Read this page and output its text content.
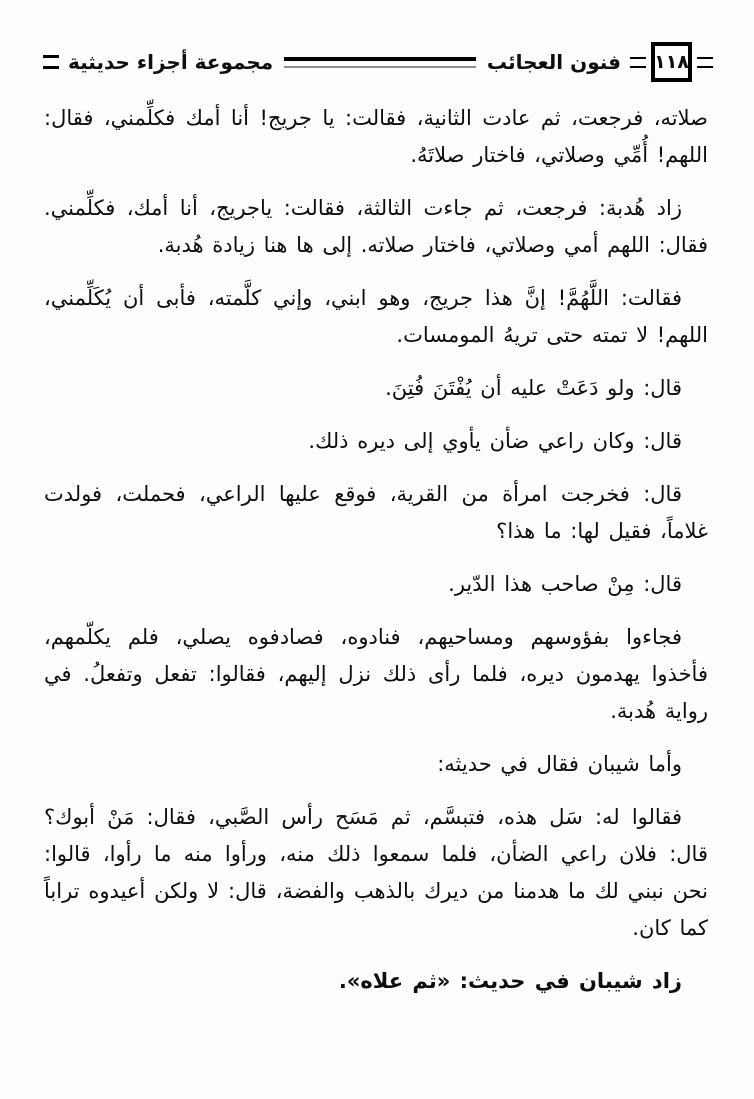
١١٨
فنون العجائب
مجموعة أجزاء حديثية

صلاته، فرجعت، ثم عادت الثانية، فقالت: يا جريج! أنا أمك فكلِّمني، فقال: اللهم! أُمِّي وصلاتي، فاختار صلاتَهُ.

زاد هُدبة: فرجعت، ثم جاءت الثالثة، فقالت: ياجريج، أنا أمك، فكلِّمني. فقال: اللهم أمي وصلاتي، فاختار صلاته. إلى ها هنا زيادة هُدبة.

فقالت: اللَّهُمَّ! إنَّ هذا جريج، وهو ابني، وإني كلَّمته، فأبى أن يُكَلِّمني، اللهم! لا تمته حتى تريهُ المومسات.

قال: ولو دَعَتْ عليه أن يُفْتَنَ فُتِنَ.

قال: وكان راعي ضأن يأوي إلى ديره ذلك.

قال: فخرجت امرأة من القرية، فوقع عليها الراعي، فحملت، فولدت غلاماً، فقيل لها: ما هذا؟

قال: مِنْ صاحب هذا الدّير.

فجاءوا بفؤوسهم ومساحيهم، فنادوه، فصادفوه يصلي، فلم يكلّمهم، فأخذوا يهدمون ديره، فلما رأى ذلك نزل إليهم، فقالوا: تفعل وتفعلُ. في رواية هُدبة.

وأما شيبان فقال في حديثه:

فقالوا له: سَل هذه، فتبسَّم، ثم مَسَح رأس الصَّبي، فقال: مَنْ أبوك؟ قال: فلان راعي الضأن، فلما سمعوا ذلك منه، ورأوا منه ما رأوا، قالوا: نحن نبني لك ما هدمنا من ديرك بالذهب والفضة، قال: لا ولكن أعيدوه تراباً كما كان.

زاد شيبان في حديث: «ثم علاه».
